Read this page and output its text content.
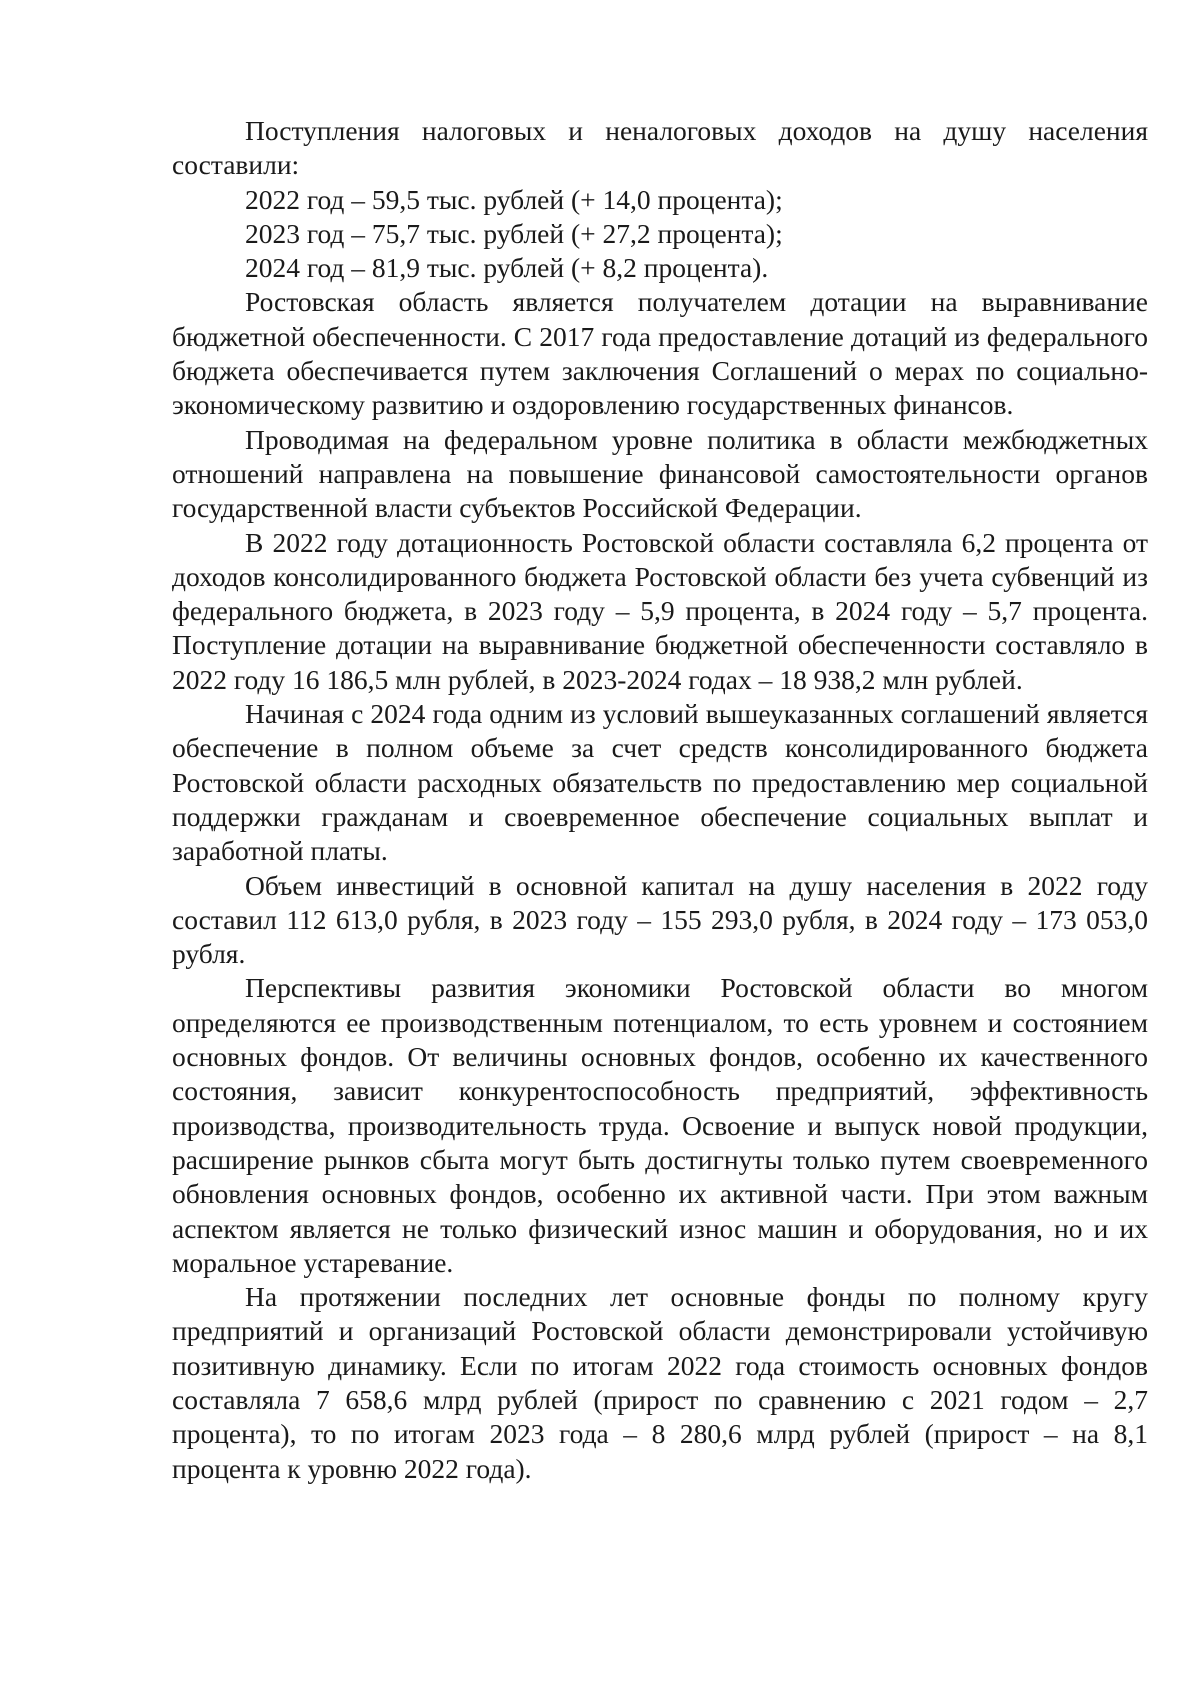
Поступления налоговых и неналоговых доходов на душу населения составили:

2022 год – 59,5 тыс. рублей (+ 14,0 процента);

2023 год – 75,7 тыс. рублей (+ 27,2 процента);

2024 год – 81,9 тыс. рублей (+ 8,2 процента).

Ростовская область является получателем дотации на выравнивание бюджетной обеспеченности. С 2017 года предоставление дотаций из федерального бюджета обеспечивается путем заключения Соглашений о мерах по социально-экономическому развитию и оздоровлению государственных финансов.

Проводимая на федеральном уровне политика в области межбюджетных отношений направлена на повышение финансовой самостоятельности органов государственной власти субъектов Российской Федерации.

В 2022 году дотационность Ростовской области составляла 6,2 процента от доходов консолидированного бюджета Ростовской области без учета субвенций из федерального бюджета, в 2023 году – 5,9 процента, в 2024 году – 5,7 процента. Поступление дотации на выравнивание бюджетной обеспеченности составляло в 2022 году 16 186,5 млн рублей, в 2023-2024 годах – 18 938,2 млн рублей.

Начиная с 2024 года одним из условий вышеуказанных соглашений является обеспечение в полном объеме за счет средств консолидированного бюджета Ростовской области расходных обязательств по предоставлению мер социальной поддержки гражданам и своевременное обеспечение социальных выплат и заработной платы.

Объем инвестиций в основной капитал на душу населения в 2022 году составил 112 613,0 рубля, в 2023 году – 155 293,0 рубля, в 2024 году – 173 053,0 рубля.

Перспективы развития экономики Ростовской области во многом определяются ее производственным потенциалом, то есть уровнем и состоянием основных фондов. От величины основных фондов, особенно их качественного состояния, зависит конкурентоспособность предприятий, эффективность производства, производительность труда. Освоение и выпуск новой продукции, расширение рынков сбыта могут быть достигнуты только путем своевременного обновления основных фондов, особенно их активной части. При этом важным аспектом является не только физический износ машин и оборудования, но и их моральное устаревание.

На протяжении последних лет основные фонды по полному кругу предприятий и организаций Ростовской области демонстрировали устойчивую позитивную динамику. Если по итогам 2022 года стоимость основных фондов составляла 7 658,6 млрд рублей (прирост по сравнению с 2021 годом – 2,7 процента), то по итогам 2023 года – 8 280,6 млрд рублей (прирост – на 8,1 процента к уровню 2022 года).
